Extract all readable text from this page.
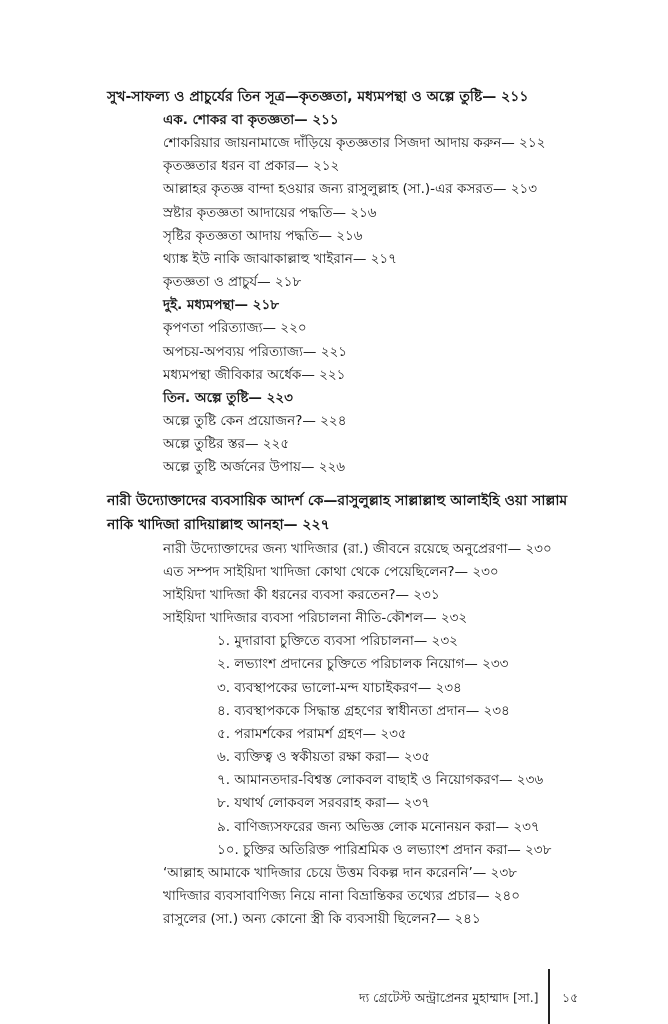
সুখ-সাফল্য ও প্রাচুর্যের তিন সূত্র—কৃতজ্ঞতা, মধ্যমপন্থা ও অল্পে তুষ্টি— ২১১
এক. শোকর বা কৃতজ্ঞতা— ২১১
শোকরিয়ার জায়নামাজে দাঁড়িয়ে কৃতজ্ঞতার সিজদা আদায় করুন— ২১২
কৃতজ্ঞতার ধরন বা প্রকার— ২১২
আল্লাহর কৃতজ্ঞ বান্দা হওয়ার জন্য রাসুলুল্লাহ (সা.)-এর কসরত— ২১৩
স্রষ্টার কৃতজ্ঞতা আদায়ের পদ্ধতি— ২১৬
সৃষ্টির কৃতজ্ঞতা আদায় পদ্ধতি— ২১৬
থ্যাঙ্ক ইউ নাকি জাঝাকাল্লাহু খাইরান— ২১৭
কৃতজ্ঞতা ও প্রাচুর্য— ২১৮
দুই. মধ্যমপন্থা— ২১৮
কৃপণতা পরিত্যাজ্য— ২২০
অপচয়-অপব্যয় পরিত্যাজ্য— ২২১
মধ্যমপন্থা জীবিকার অর্ধেক— ২২১
তিন. অল্পে তুষ্টি— ২২৩
অল্পে তুষ্টি কেন প্রয়োজন?— ২২৪
অল্পে তুষ্টির স্তর— ২২৫
অল্পে তুষ্টি অর্জনের উপায়— ২২৬
নারী উদ্যোক্তাদের ব্যবসায়িক আদর্শ কে—রাসুলুল্লাহ সাল্লাল্লাহু আলাইহি ওয়া সাল্লাম
নাকি খাদিজা রাদিয়াল্লাহু আনহা— ২২৭
নারী উদ্যোক্তাদের জন্য খাদিজার (রা.) জীবনে রয়েছে অনুপ্রেরণা— ২৩০
এত সম্পদ সাইয়িদা খাদিজা কোথা থেকে পেয়েছিলেন?— ২৩০
সাইয়িদা খাদিজা কী ধরনের ব্যবসা করতেন?— ২৩১
সাইয়িদা খাদিজার ব্যবসা পরিচালনা নীতি-কৌশল— ২৩২
১. মুদারাবা চুক্তিতে ব্যবসা পরিচালনা— ২৩২
২. লভ্যাংশ প্রদানের চুক্তিতে পরিচালক নিয়োগ— ২৩৩
৩. ব্যবস্থাপকের ভালো-মন্দ যাচাইকরণ— ২৩৪
৪. ব্যবস্থাপককে সিদ্ধান্ত গ্রহণের স্বাধীনতা প্রদান— ২৩৪
৫. পরামর্শকের পরামর্শ গ্রহণ— ২৩৫
৬. ব্যক্তিত্ব ও স্বকীয়তা রক্ষা করা— ২৩৫
৭. আমানতদার-বিশ্বস্ত লোকবল বাছাই ও নিয়োগকরণ— ২৩৬
৮. যথার্থ লোকবল সরবরাহ করা— ২৩৭
৯. বাণিজ্যসফরের জন্য অভিজ্ঞ লোক মনোনয়ন করা— ২৩৭
১০. চুক্তির অতিরিক্ত পারিশ্রমিক ও লভ্যাংশ প্রদান করা— ২৩৮
‘আল্লাহ আমাকে খাদিজার চেয়ে উত্তম বিকল্প দান করেননি’— ২৩৮
খাদিজার ব্যবসাবাণিজ্য নিয়ে নানা বিভ্রান্তিকর তথ্যের প্রচার— ২৪০
রাসুলের (সা.) অন্য কোনো স্ত্রী কি ব্যবসায়ী ছিলেন?— ২৪১
দ্য গ্রেটেস্ট অন্ট্রাপ্রেনর মুহাম্মাদ [সা.] ১৫
